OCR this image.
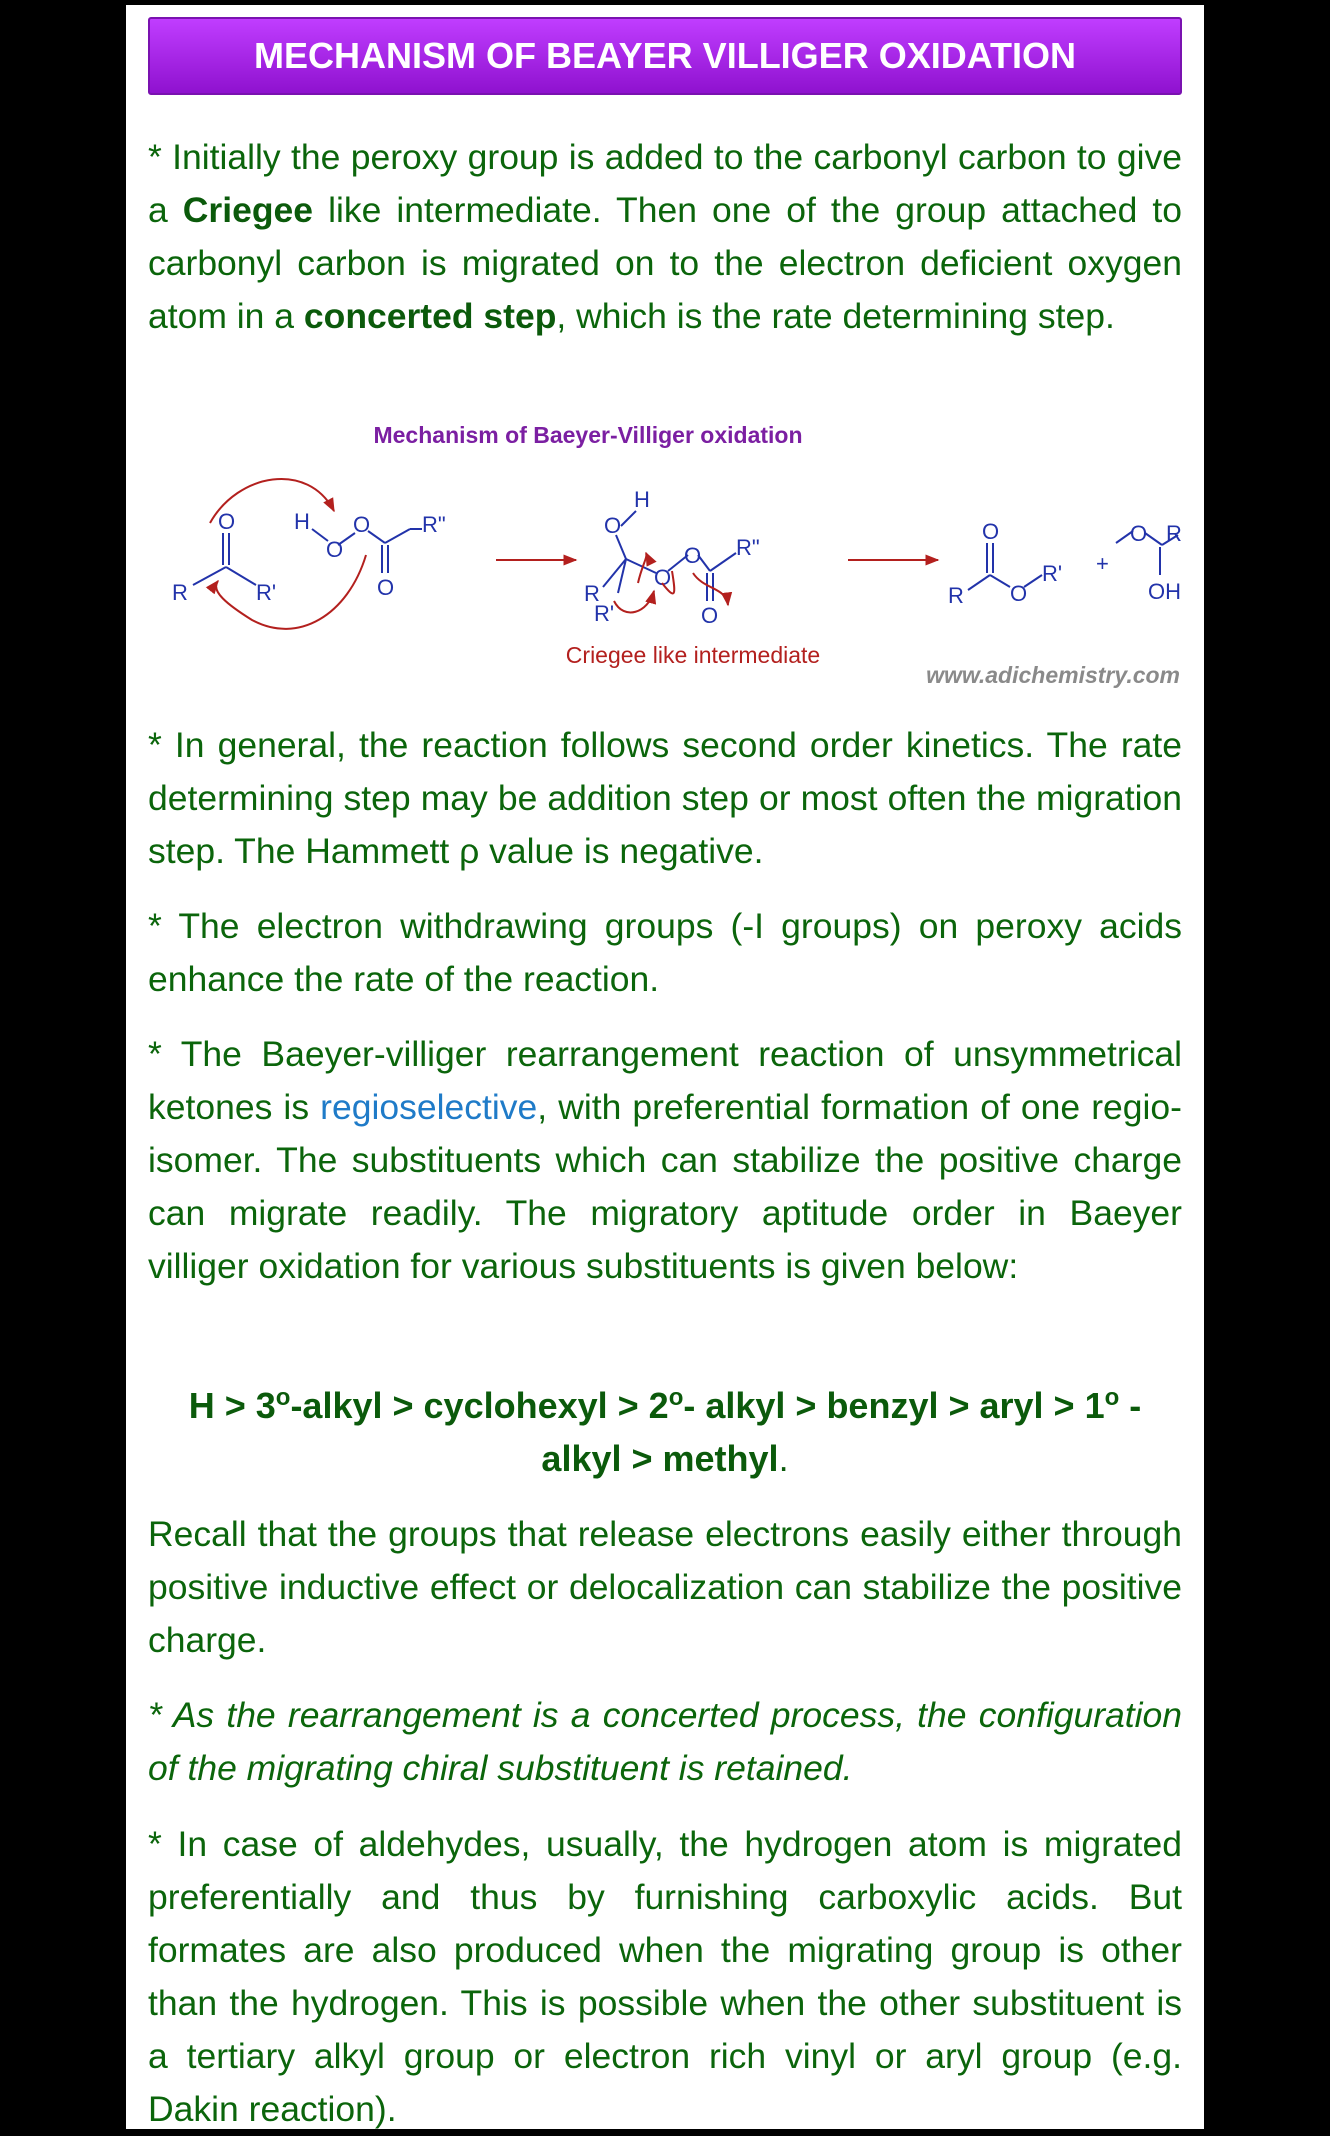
MECHANISM OF BEAYER VILLIGER OXIDATION

* Initially the peroxy group is added to the carbonyl carbon to give a Criegee like intermediate. Then one of the group attached to carbonyl carbon is migrated on to the electron deficient oxygen atom in a concerted step, which is the rate determining step.

Mechanism of Baeyer-Villiger oxidation
O
R	R'
H
O
O
O
R"
H
O
R
R'
O
O
O
R"
Criegee like intermediate
R
O
O
R' +
O R
OH
www.adichemistry.com

* In general, the reaction follows second order kinetics. The rate determining step may be addition step or most often the migration step. The Hammett ρ value is negative.

* The electron withdrawing groups (-I groups) on peroxy acids enhance the rate of the reaction.

* The Baeyer-villiger rearrangement reaction of unsymmetrical ketones is regioselective, with preferential formation of one regio-isomer. The substituents which can stabilize the positive charge can migrate readily. The migratory aptitude order in Baeyer villiger oxidation for various substituents is given below:

$H > 3^o$-alkyl > cyclohexyl > $2^o-$ alkyl > benzyl > aryl > $1^o$ - alkyl > methyl.

Recall that the groups that release electrons easily either through positive inductive effect or delocalization can stabilize the positive charge.

* As the rearrangement is a concerted process, the configuration of the migrating chiral substituent is retained.

* In case of aldehydes, usually, the hydrogen atom is migrated preferentially and thus by furnishing carboxylic acids. But formates are also produced when the migrating group is other than the hydrogen. This is possible when the other substituent is a tertiary alkyl group or electron rich vinyl or aryl group (e.g. Dakin reaction).
